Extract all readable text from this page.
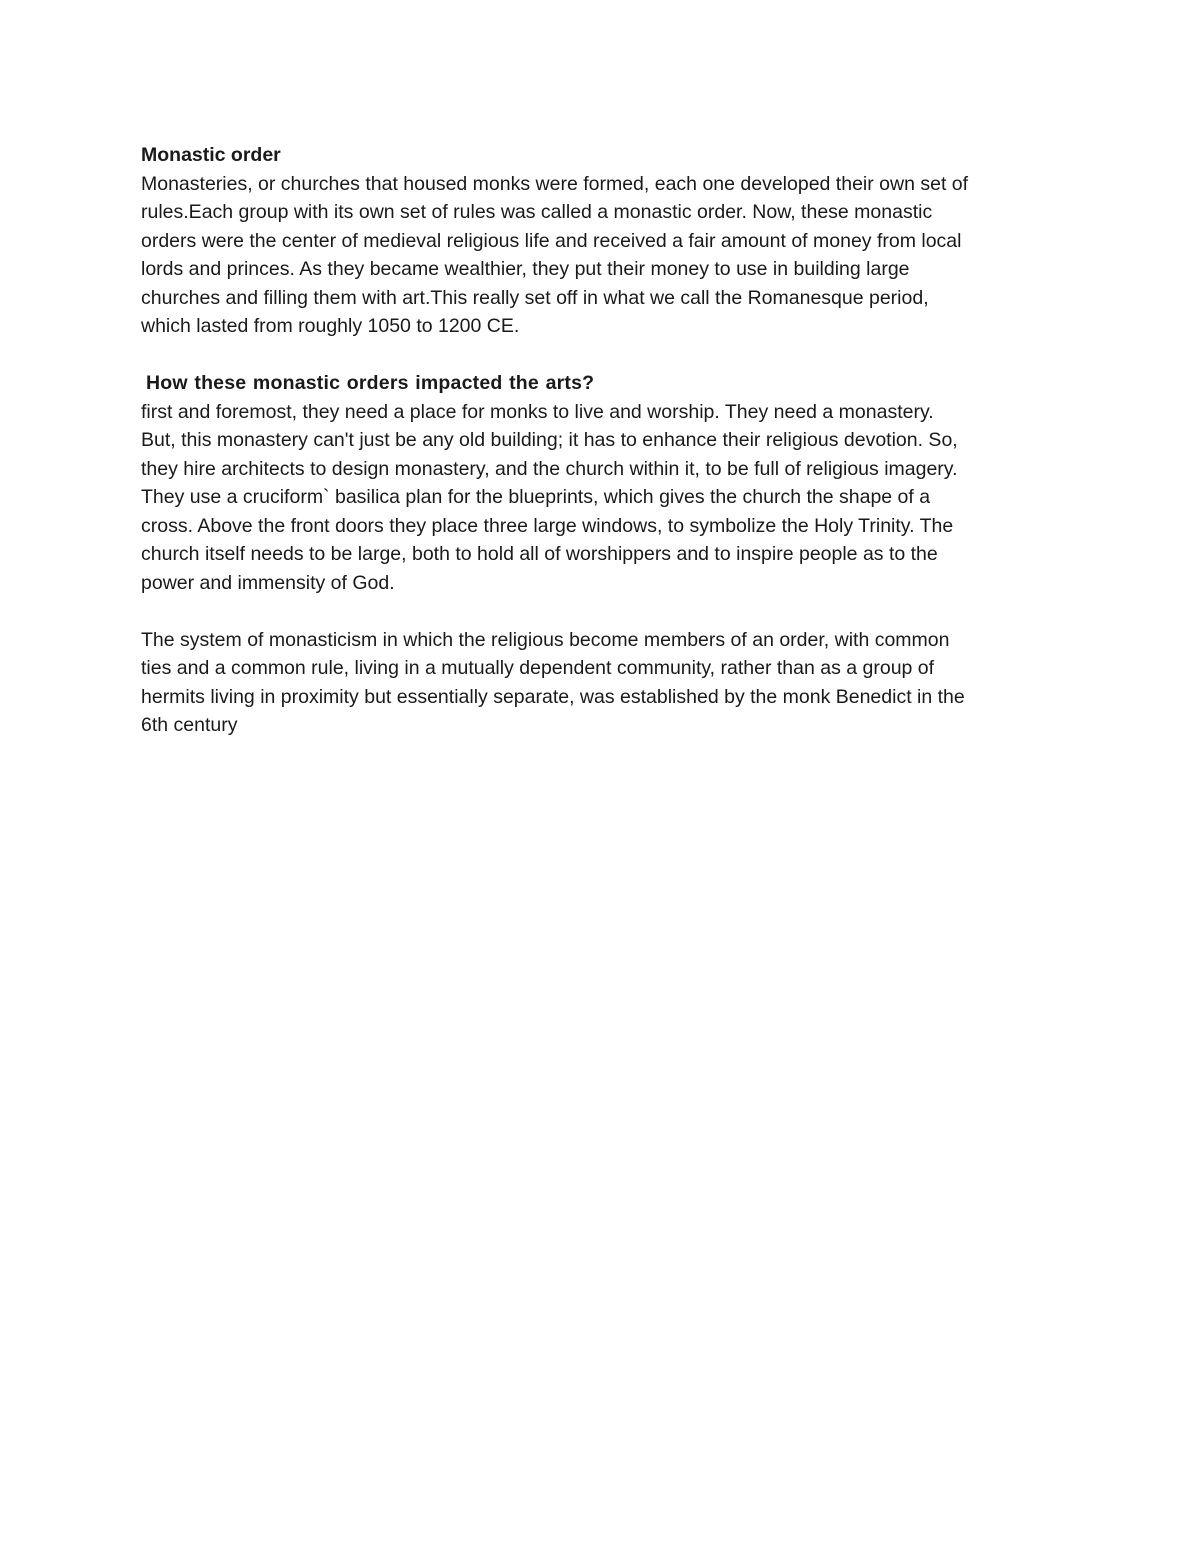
Monastic order
Monasteries, or churches that housed monks were formed, each one developed their own set of
rules.Each group with its own set of rules was called a monastic order. Now, these monastic
orders were the center of medieval religious life and received a fair amount of money from local
lords and princes. As they became wealthier, they put their money to use in building large
churches and filling them with art.This really set off in what we call the Romanesque period,
which lasted from roughly 1050 to 1200 CE.
How these monastic orders impacted the arts?
first and foremost, they need a place for monks to live and worship. They need a monastery.
But, this monastery can't just be any old building; it has to enhance their religious devotion. So,
they hire architects to design monastery, and the church within it, to be full of religious imagery.
They use a cruciform` basilica plan for the blueprints, which gives the church the shape of a
cross. Above the front doors they place three large windows, to symbolize the Holy Trinity. The
church itself needs to be large, both to hold all of worshippers and to inspire people as to the
power and immensity of God.
The system of monasticism in which the religious become members of an order, with common
ties and a common rule, living in a mutually dependent community, rather than as a group of
hermits living in proximity but essentially separate, was established by the monk Benedict in the
6th century
